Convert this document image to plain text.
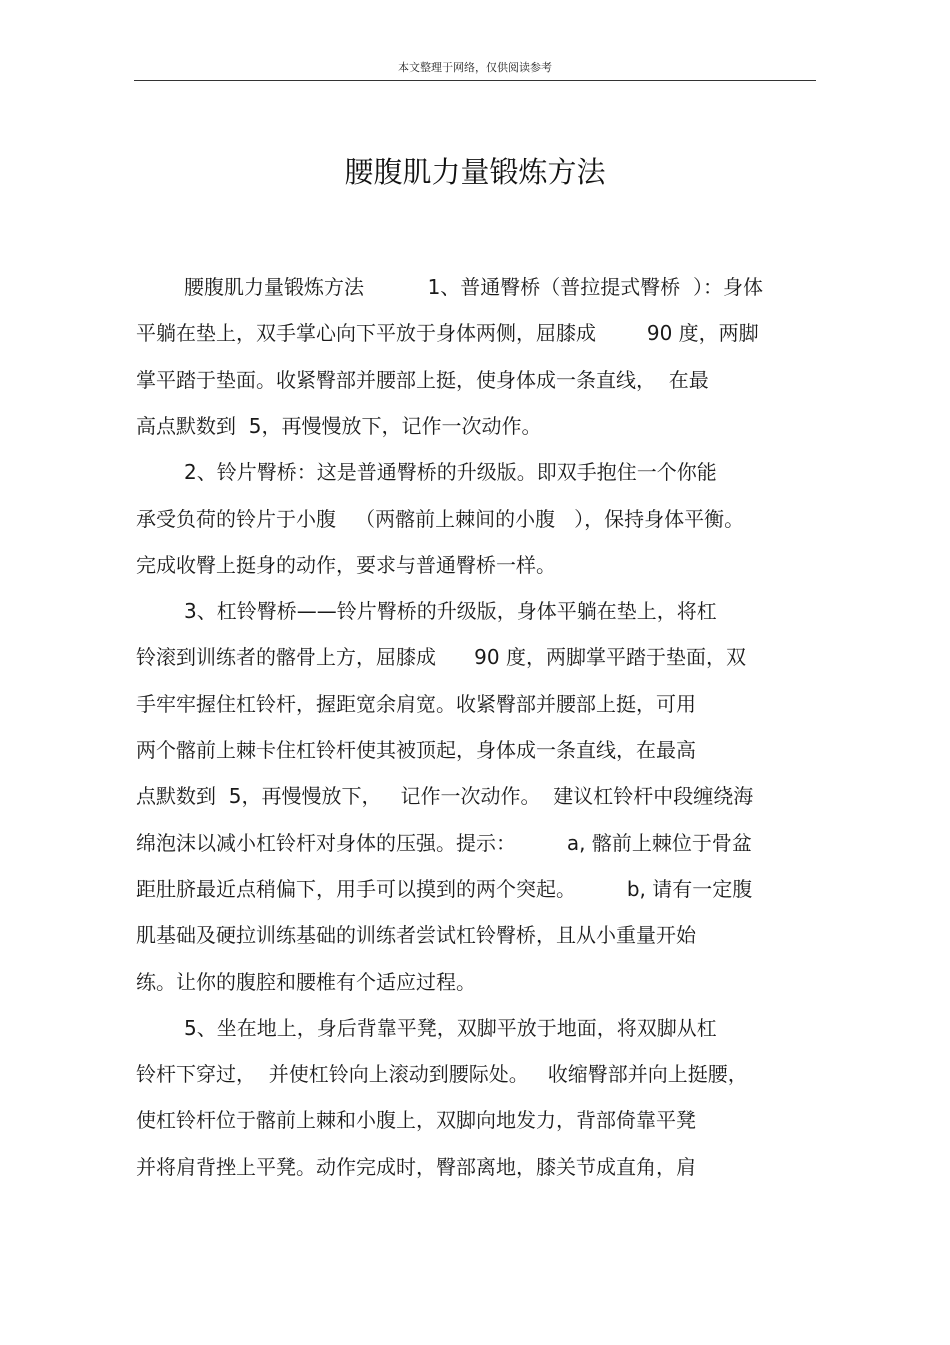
本文整理于网络，仅供阅读参考
腰腹肌力量锻炼方法
腰腹肌力量锻炼方法          1、普通臀桥（普拉提式臀桥  ）：身体
平躺在垫上，双手掌心向下平放于身体两侧，屈膝成        90 度，两脚
掌平踏于垫面。收紧臀部并腰部上挺，使身体成一条直线，  在最
高点默数到  5，再慢慢放下，记作一次动作。
2、铃片臀桥：这是普通臀桥的升级版。即双手抱住一个你能
承受负荷的铃片于小腹   （两髂前上棘间的小腹   ），保持身体平衡。
完成收臀上挺身的动作，要求与普通臀桥一样。
3、杠铃臀桥——铃片臀桥的升级版，身体平躺在垫上，将杠
铃滚到训练者的髂骨上方，屈膝成      90 度，两脚掌平踏于垫面，双
手牢牢握住杠铃杆，握距宽余肩宽。收紧臀部并腰部上挺，可用
两个髂前上棘卡住杠铃杆使其被顶起，身体成一条直线，在最高
点默数到  5，再慢慢放下，   记作一次动作。  建议杠铃杆中段缠绕海
绵泡沫以减小杠铃杆对身体的压强。提示：        a, 髂前上棘位于骨盆
距肚脐最近点稍偏下，用手可以摸到的两个突起。        b, 请有一定腹
肌基础及硬拉训练基础的训练者尝试杠铃臀桥，且从小重量开始
练。让你的腹腔和腰椎有个适应过程。
5、坐在地上，身后背靠平凳，双脚平放于地面，将双脚从杠
铃杆下穿过，  并使杠铃向上滚动到腰际处。   收缩臀部并向上挺腰，
使杠铃杆位于髂前上棘和小腹上，双脚向地发力，背部倚靠平凳
并将肩背挫上平凳。动作完成时，臀部离地，膝关节成直角，肩
